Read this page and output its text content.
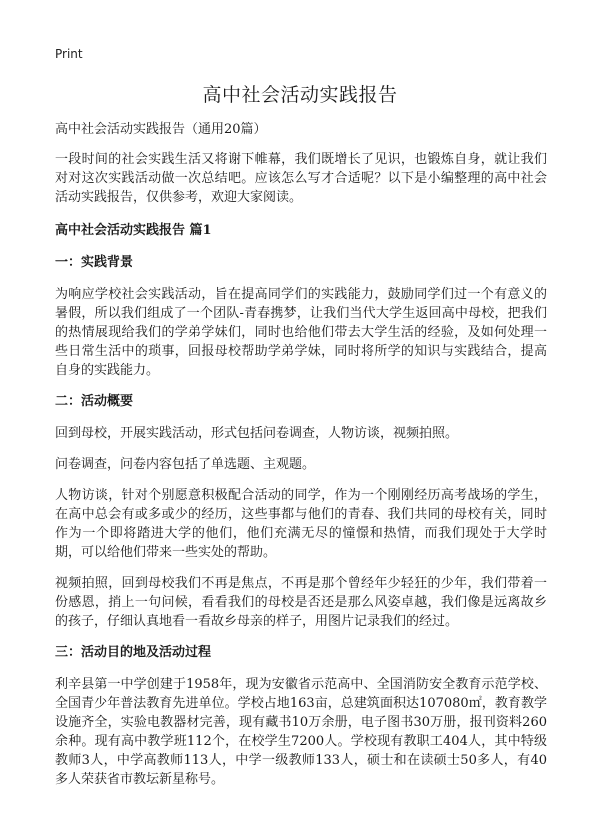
Print
高中社会活动实践报告
高中社会活动实践报告（通用20篇）

一段时间的社会实践生活又将谢下帷幕，我们既增长了见识，也锻炼自身，就让我们对对这次实践活动做一次总结吧。应该怎么写才合适呢？以下是小编整理的高中社会活动实践报告，仅供参考，欢迎大家阅读。

高中社会活动实践报告 篇1
一：实践背景

为响应学校社会实践活动，旨在提高同学们的实践能力，鼓励同学们过一个有意义的暑假，所以我们组成了一个团队-青春携梦，让我们当代大学生返回高中母校，把我们的热情展现给我们的学弟学妹们，同时也给他们带去大学生活的经验，及如何处理一些日常生活中的琐事，回报母校帮助学弟学妹，同时将所学的知识与实践结合，提高自身的实践能力。

二：活动概要

回到母校，开展实践活动，形式包括问卷调查，人物访谈，视频拍照。

问卷调查，问卷内容包括了单选题、主观题。

人物访谈，针对个别愿意积极配合活动的同学，作为一个刚刚经历高考战场的学生，在高中总会有或多或少的经历，这些事都与他们的青春、我们共同的母校有关，同时作为一个即将踏进大学的他们，他们充满无尽的憧憬和热情，而我们现处于大学时期，可以给他们带来一些实处的帮助。

视频拍照，回到母校我们不再是焦点，不再是那个曾经年少轻狂的少年，我们带着一份感恩，捎上一句问候，看看我们的母校是否还是那么风姿卓越，我们像是远离故乡的孩子，仔细认真地看一看故乡母亲的样子，用图片记录我们的经过。

三：活动目的地及活动过程

利辛县第一中学创建于1958年，现为安徽省示范高中、全国消防安全教育示范学校、全国青少年普法教育先进单位。学校占地163亩，总建筑面积达107080㎡，教育教学设施齐全，实验电教器材完善，现有藏书10万余册，电子图书30万册，报刊资料260余种。现有高中教学班112个，在校学生7200人。学校现有教职工404人，其中特级教师3人，中学高教师113人，中学一级教师133人，硕士和在读硕士50多人，有40多人荣获省市教坛新星称号。
